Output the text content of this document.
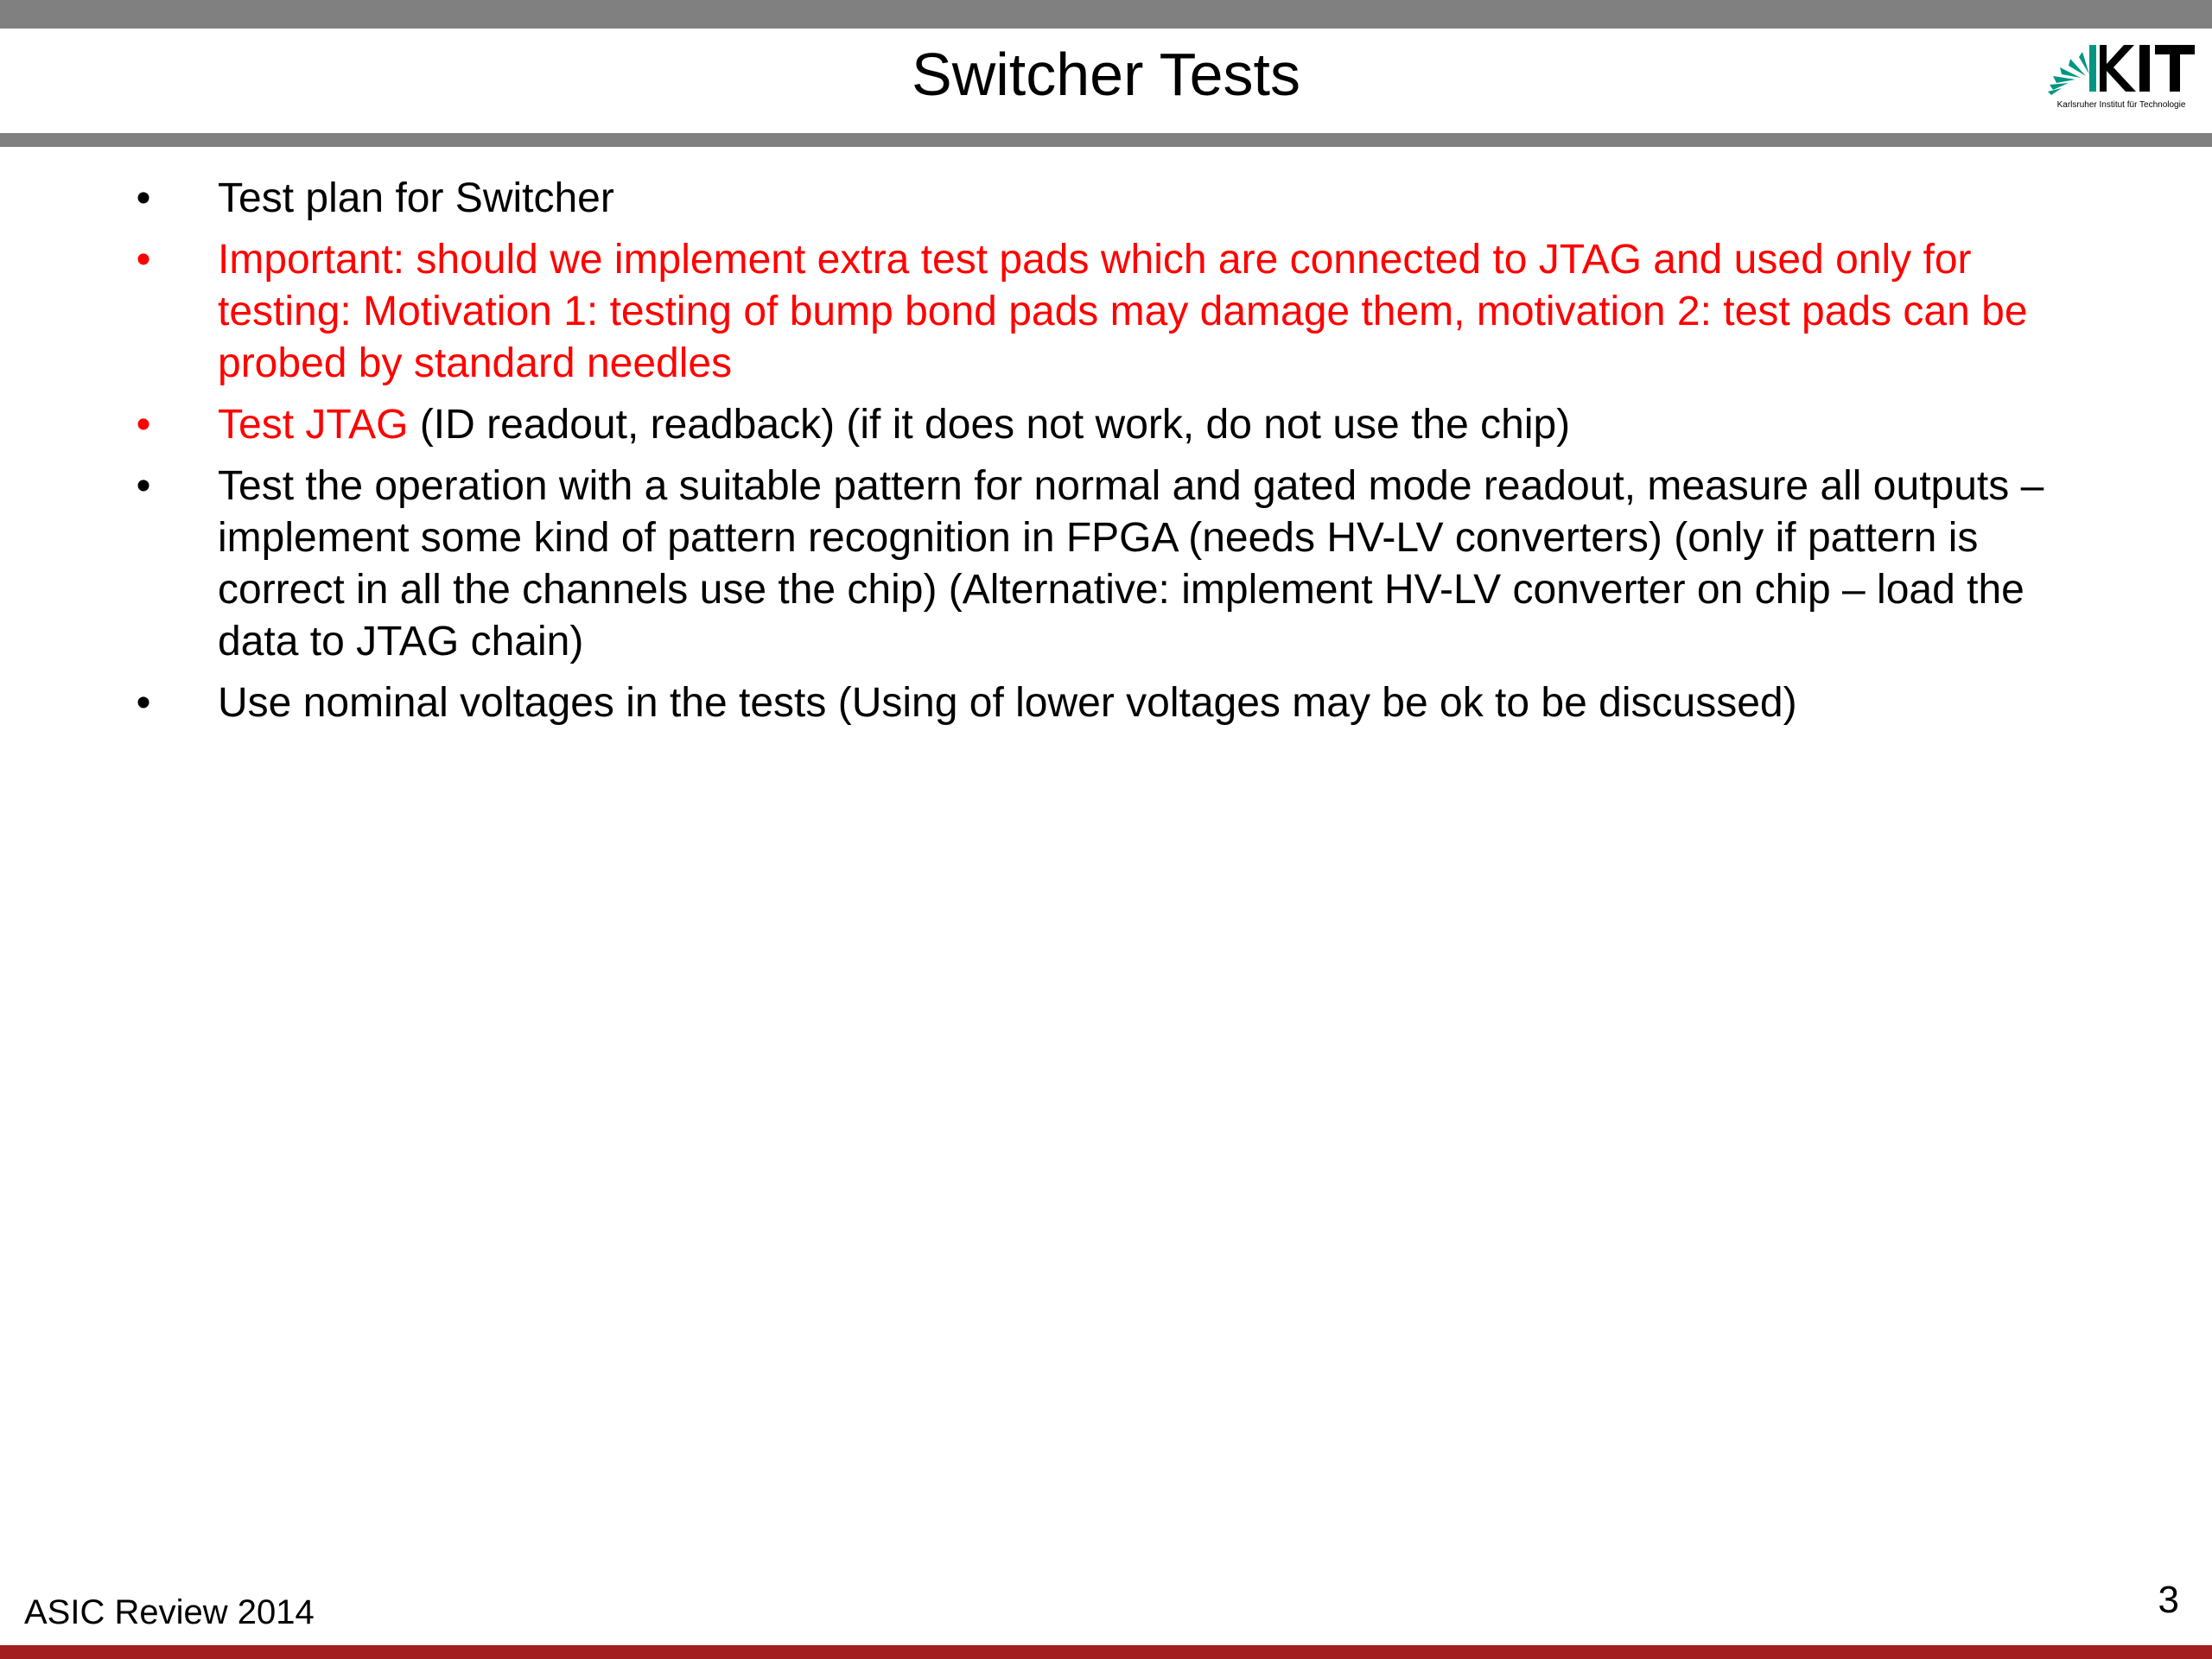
Switcher Tests	Karlsruher Institut für Technologie
• Test plan for Switcher
• Important: should we implement extra test pads which are connected to JTAG and used only for testing: Motivation 1: testing of bump bond pads may damage them, motivation 2: test pads can be probed by standard needles
• Test JTAG (ID readout, readback) (if it does not work, do not use the chip)
• Test the operation with a suitable pattern for normal and gated mode readout, measure all outputs – implement some kind of pattern recognition in FPGA (needs HV-LV converters) (only if pattern is correct in all the channels use the chip) (Alternative: implement HV-LV converter on chip – load the data to JTAG chain)
• Use nominal voltages in the tests (Using of lower voltages may be ok to be discussed)
ASIC Review 2014	3
